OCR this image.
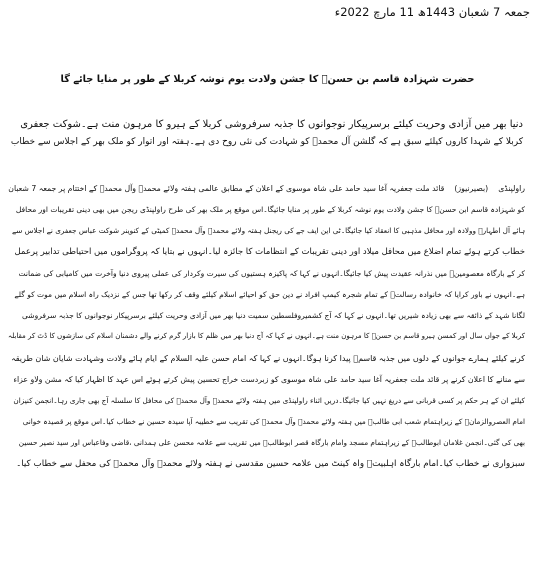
جمعہ 7 شعبان 1443ھ 11 مارچ 2022ء
حضرت شہزادہ قاسم بن حسنؑ کا جشن ولادت یوم نوشہ کربلا کے طور پر منایا جائے گا

دنیا بھر میں آزادی وحریت کیلئے برسرپیکار نوجوانوں کا جذبہ سرفروشی کربلا کے ہیرو کا مرہون منت ہے۔شوکت جعفری

کربلا کے شہدا کاروں کیلئے سبق ہے کہ گلشن آل محمدؐ کو شہادت کی نئی روح دی ہے۔ہفتہ اور اتوار کو ملک بھر کے اجلاس سے خطاب

راولپنڈی(بصیرنیوز)قائد ملت جعفریہ آغا سید حامد علی شاہ موسوی کے اعلان کے مطابق عالمی ہفتہ ولائے محمدؐ وآل محمدؐ کے اختتام پر جمعہ 7 شعبان

کو شہزادہ قاسم ابن حسنؑ کا جشن ولادت یوم نوشہ کربلا کے طور پر منایا جائیگا۔اس موقع پر ملک بھر کی طرح راولپنڈی ریجن میں بھی دینی تقریبات اور محافل

ہائے آل اطہارؑ وولادہ اور محافل مذہبی کا انعقاد کیا جائیگا۔ٹی این ایف جے کی ریجنل ہفتہ ولائے محمدؐ وآل محمدؐ کمیٹی کے کنوینر شوکت عباس جعفری نے اجلاس سے

خطاب کرتے ہوئے تمام اضلاع میں محافل میلاد اور دینی تقریبات کے انتظامات کا جائزہ لیا۔انہوں نے بتایا کہ پروگراموں میں احتیاطی تدابیر پرعمل

کر کے بارگاہ معصومینؑ میں نذرانہ عقیدت پیش کیا جائیگا۔انہوں نے کہا کہ پاکیزہ ہستیوں کی سیرت وکردار کی عملی پیروی دنیا وآخرت میں کامیابی کی ضمانت

ہے۔انہوں نے باور کرایا کہ خانوادہ رسالتؐ کے تمام شجرہ کیمپ افراد نے دین حق کو احیائے اسلام کیلئے وقف کر رکھا تھا جس کے نزدیک راہ اسلام میں موت کو گلے

لگانا شہد کے ذائقہ سے بھی زیادہ شیریں تھا۔انہوں نے کہا کہ آج کشمیروفلسطین سمیت دنیا بھر میں آزادی وحریت کیلئے برسرپیکار نوجوانوں کا جذبہ سرفروشی

کربلا کے جواں سال اور کمسن ہیرو قاسم بن حسنؑ کا مرہون منت ہے۔انہوں نے کہا کہ آج دنیا بھر میں ظلم کا بازار گرم کرنے والے دشمنان اسلام کی سازشوں کا ڈٹ کر مقابلہ

کرنے کیلئے ہمارے جوانوں کے دلوں میں جذبہ قاسمؑ پیدا کرنا ہوگا۔انہوں نے کہا کہ امام حسن علیہ السلام کے ایام ہائے ولادت وشہادت شایان شان طریقہ

سے منانے کا اعلان کرنے پر قائد ملت جعفریہ آغا سید حامد علی شاہ موسوی کو زبردست خراج تحسین پیش کرتے ہوئے اس عہد کا اظہار کیا کہ مشن ولاو عزاء

کیلئے ان کے ہر حکم پر کسی قربانی سے دریغ نہیں کیا جائیگا۔دریں اثناء راولپنڈی میں ہفتہ ولائے محمدؐ وآل محمدؐ کی محافل کا سلسلہ آج بھی جاری رہا۔انجمن کنیزان

امام العصروالزمانؑ کے زیراہتمام شعب ابی طالبؑ میں ہفتہ ولائے محمدؐ وآل محمدؐ کی تقریب سے خطیبہ آپا سیدہ حسین نے خطاب کیا۔اس موقع پر قصیدہ خوانی

بھی کی گئی۔انجمن غلامان ابوطالبؑ کے زیراہتمام مسجد وامام بارگاہ قصر ابوطالبؑ میں تقریب سے علامہ محسن علی ہمدانی ،قاضی وفاعباس اور سید نصیر حسین

سبزواری نے خطاب کیا۔امام بارگاہ اہلبیتؑ واہ کینٹ میں علامہ حسین مقدسی نے ہفتہ ولائے محمدؐ وآل محمدؐ کی محفل سے خطاب کیا۔
